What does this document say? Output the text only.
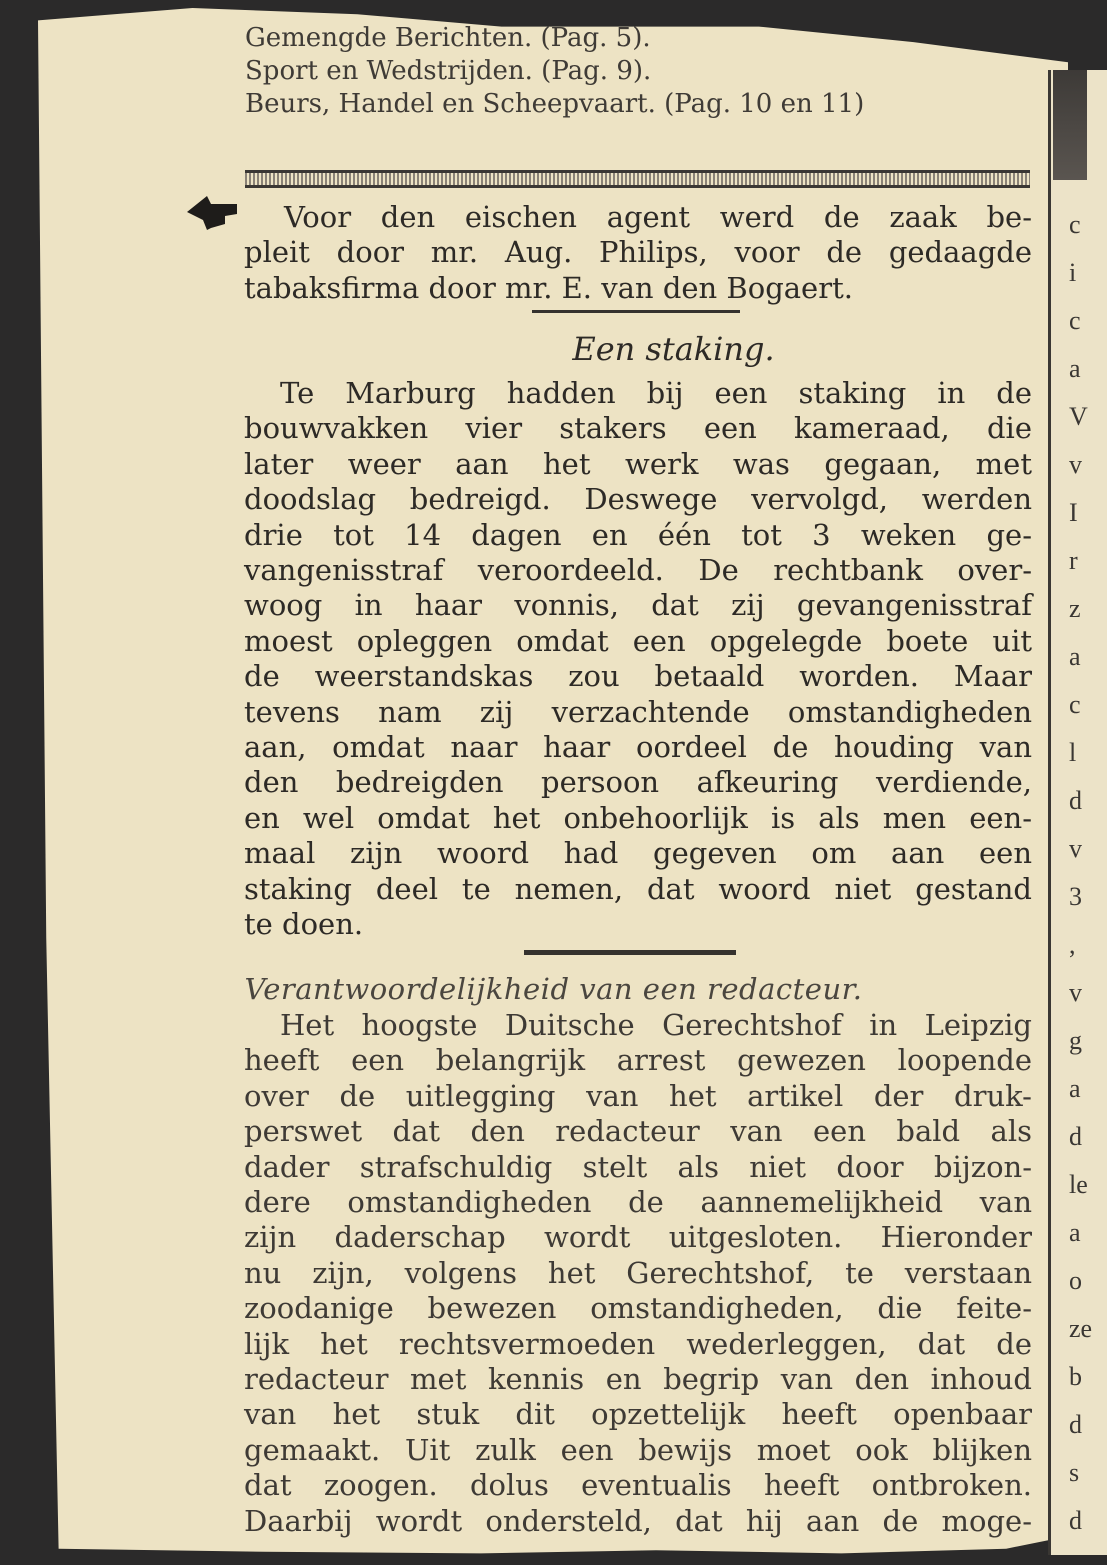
c
i
c
a
V
v
I
r
z
a
c
l
d
v
3
,
v
g
a
d
le
a
o
ze
b
d
s
d
Gemengde Berichten. (Pag. 5).
Sport en Wedstrijden. (Pag. 9).
Beurs, Handel en Scheepvaart. (Pag. 10 en 11)
Voor den eischen agent werd de zaak be-
pleit door mr. Aug. Philips, voor de gedaagde
tabaksfirma door mr. E. van den Bogaert.
Een staking.
Te Marburg hadden bij een staking in de
bouwvakken vier stakers een kameraad, die
later weer aan het werk was gegaan, met
doodslag bedreigd. Deswege vervolgd, werden
drie tot 14 dagen en één tot 3 weken ge-
vangenisstraf veroordeeld. De rechtbank over-
woog in haar vonnis, dat zij gevangenisstraf
moest opleggen omdat een opgelegde boete uit
de weerstandskas zou betaald worden. Maar
tevens nam zij verzachtende omstandigheden
aan, omdat naar haar oordeel de houding van
den bedreigden persoon afkeuring verdiende,
en wel omdat het onbehoorlijk is als men een-
maal zijn woord had gegeven om aan een
staking deel te nemen, dat woord niet gestand
te doen.
Verantwoordelijkheid van een redacteur.
Het hoogste Duitsche Gerechtshof in Leipzig
heeft een belangrijk arrest gewezen loopende
over de uitlegging van het artikel der druk-
perswet dat den redacteur van een bald als
dader strafschuldig stelt als niet door bijzon-
dere omstandigheden de aannemelijkheid van
zijn daderschap wordt uitgesloten. Hieronder
nu zijn, volgens het Gerechtshof, te verstaan
zoodanige bewezen omstandigheden, die feite-
lijk het rechtsvermoeden wederleggen, dat de
redacteur met kennis en begrip van den inhoud
van het stuk dit opzettelijk heeft openbaar
gemaakt. Uit zulk een bewijs moet ook blijken
dat zoogen. dolus eventualis heeft ontbroken.
Daarbij wordt ondersteld, dat hij aan de moge-
